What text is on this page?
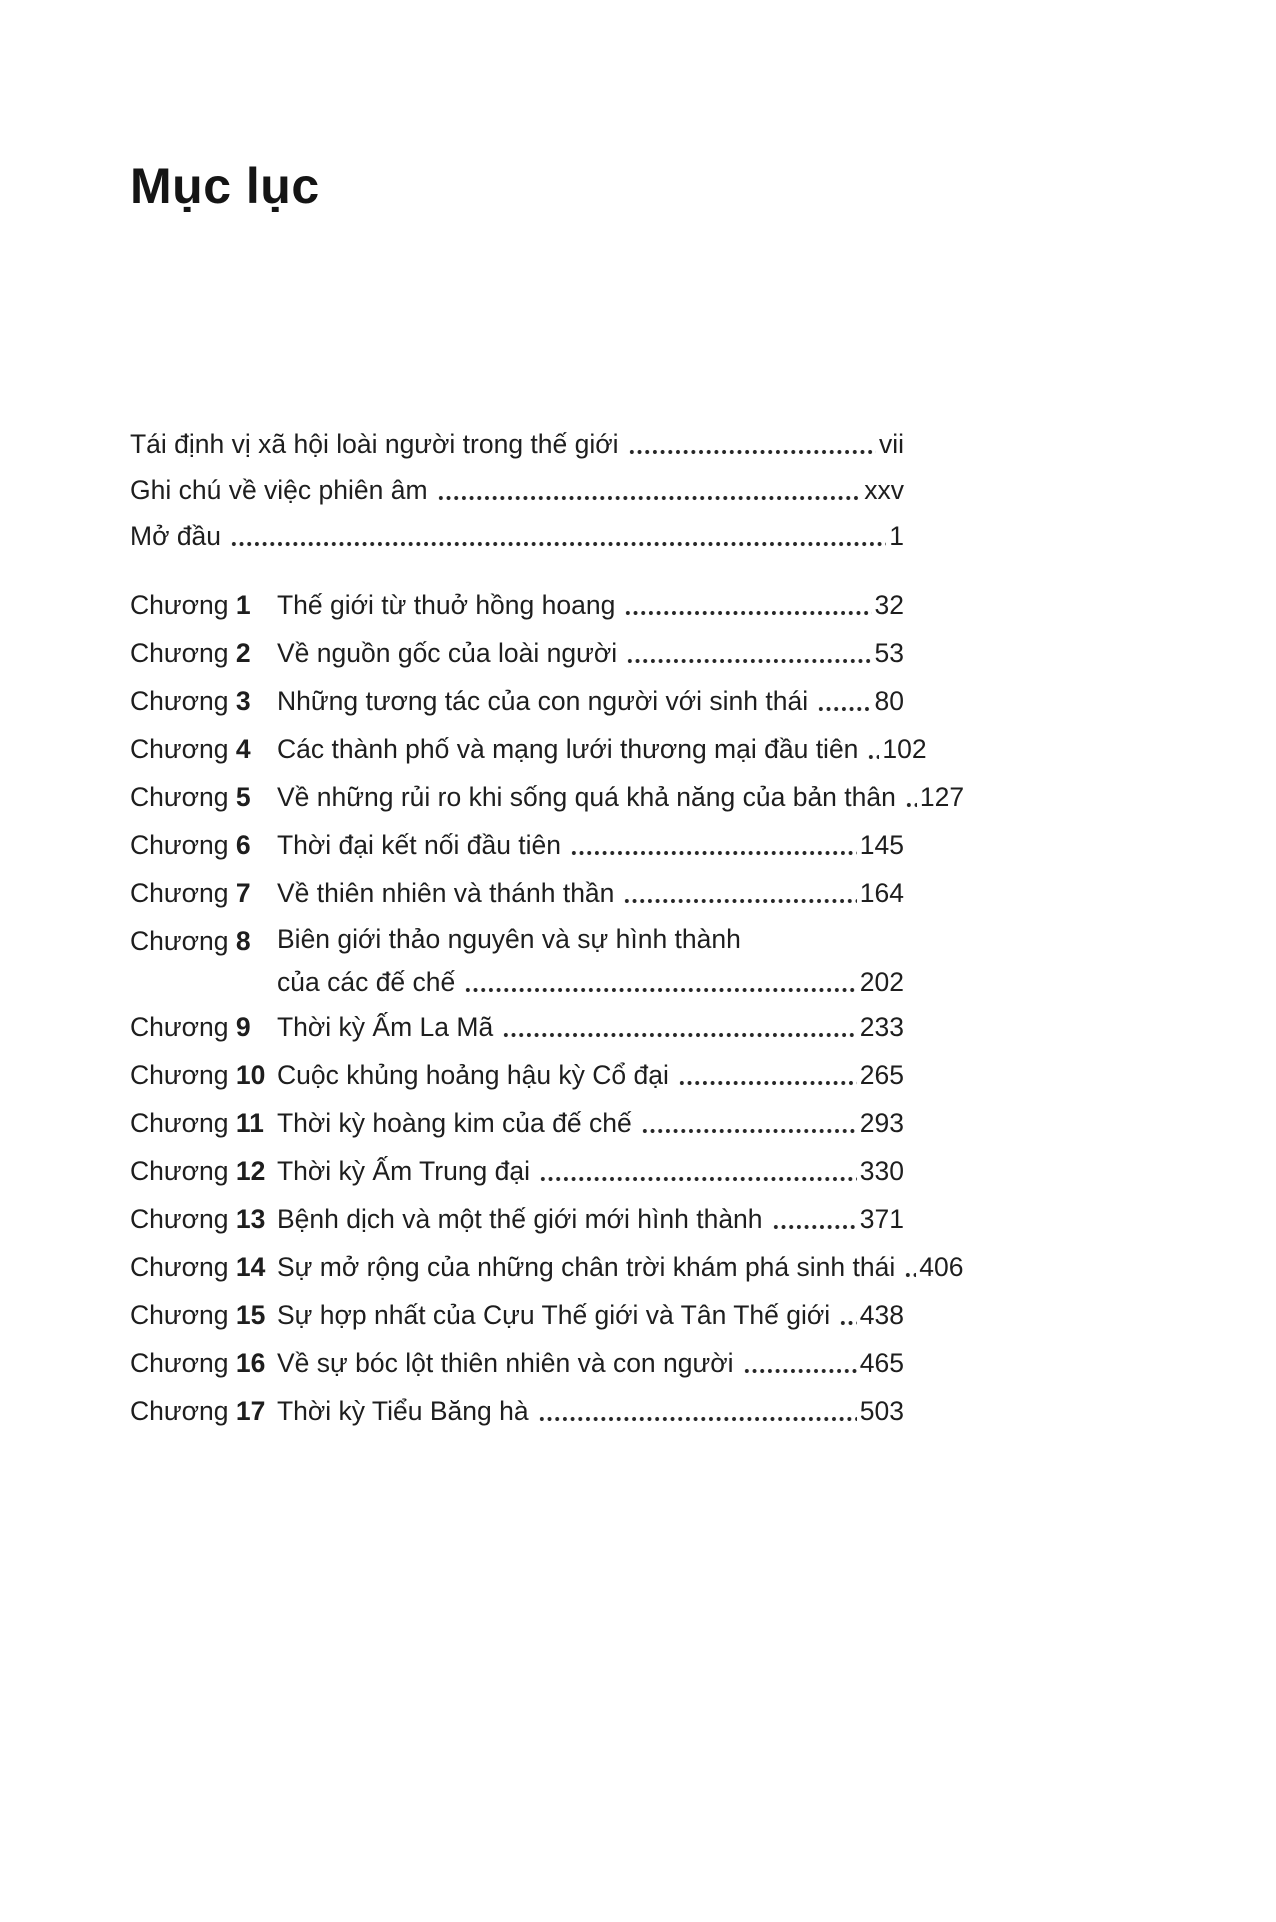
Mục lục
Tái định vị xã hội loài người trong thế giới	vii
Ghi chú về việc phiên âm	xxv
Mở đầu	1
Chương 1 Thế giới từ thuở hồng hoang	32
Chương 2 Về nguồn gốc của loài người	53
Chương 3 Những tương tác của con người với sinh thái	80
Chương 4 Các thành phố và mạng lưới thương mại đầu tiên 102
Chương 5 Về những rủi ro khi sống quá khả năng của bản thân 127
Chương 6 Thời đại kết nối đầu tiên	145
Chương 7 Về thiên nhiên và thánh thần	164
Chương 8 Biên giới thảo nguyên và sự hình thành
của các đế chế	202
Chương 9 Thời kỳ Ấm La Mã	233
Chương 10 Cuộc khủng hoảng hậu kỳ Cổ đại	265
Chương 11 Thời kỳ hoàng kim của đế chế	293
Chương 12 Thời kỳ Ấm Trung đại	330
Chương 13 Bệnh dịch và một thế giới mới hình thành	371
Chương 14 Sự mở rộng của những chân trời khám phá sinh thái 406
Chương 15 Sự hợp nhất của Cựu Thế giới và Tân Thế giới 438
Chương 16 Về sự bóc lột thiên nhiên và con người	465
Chương 17 Thời kỳ Tiểu Băng hà	503
